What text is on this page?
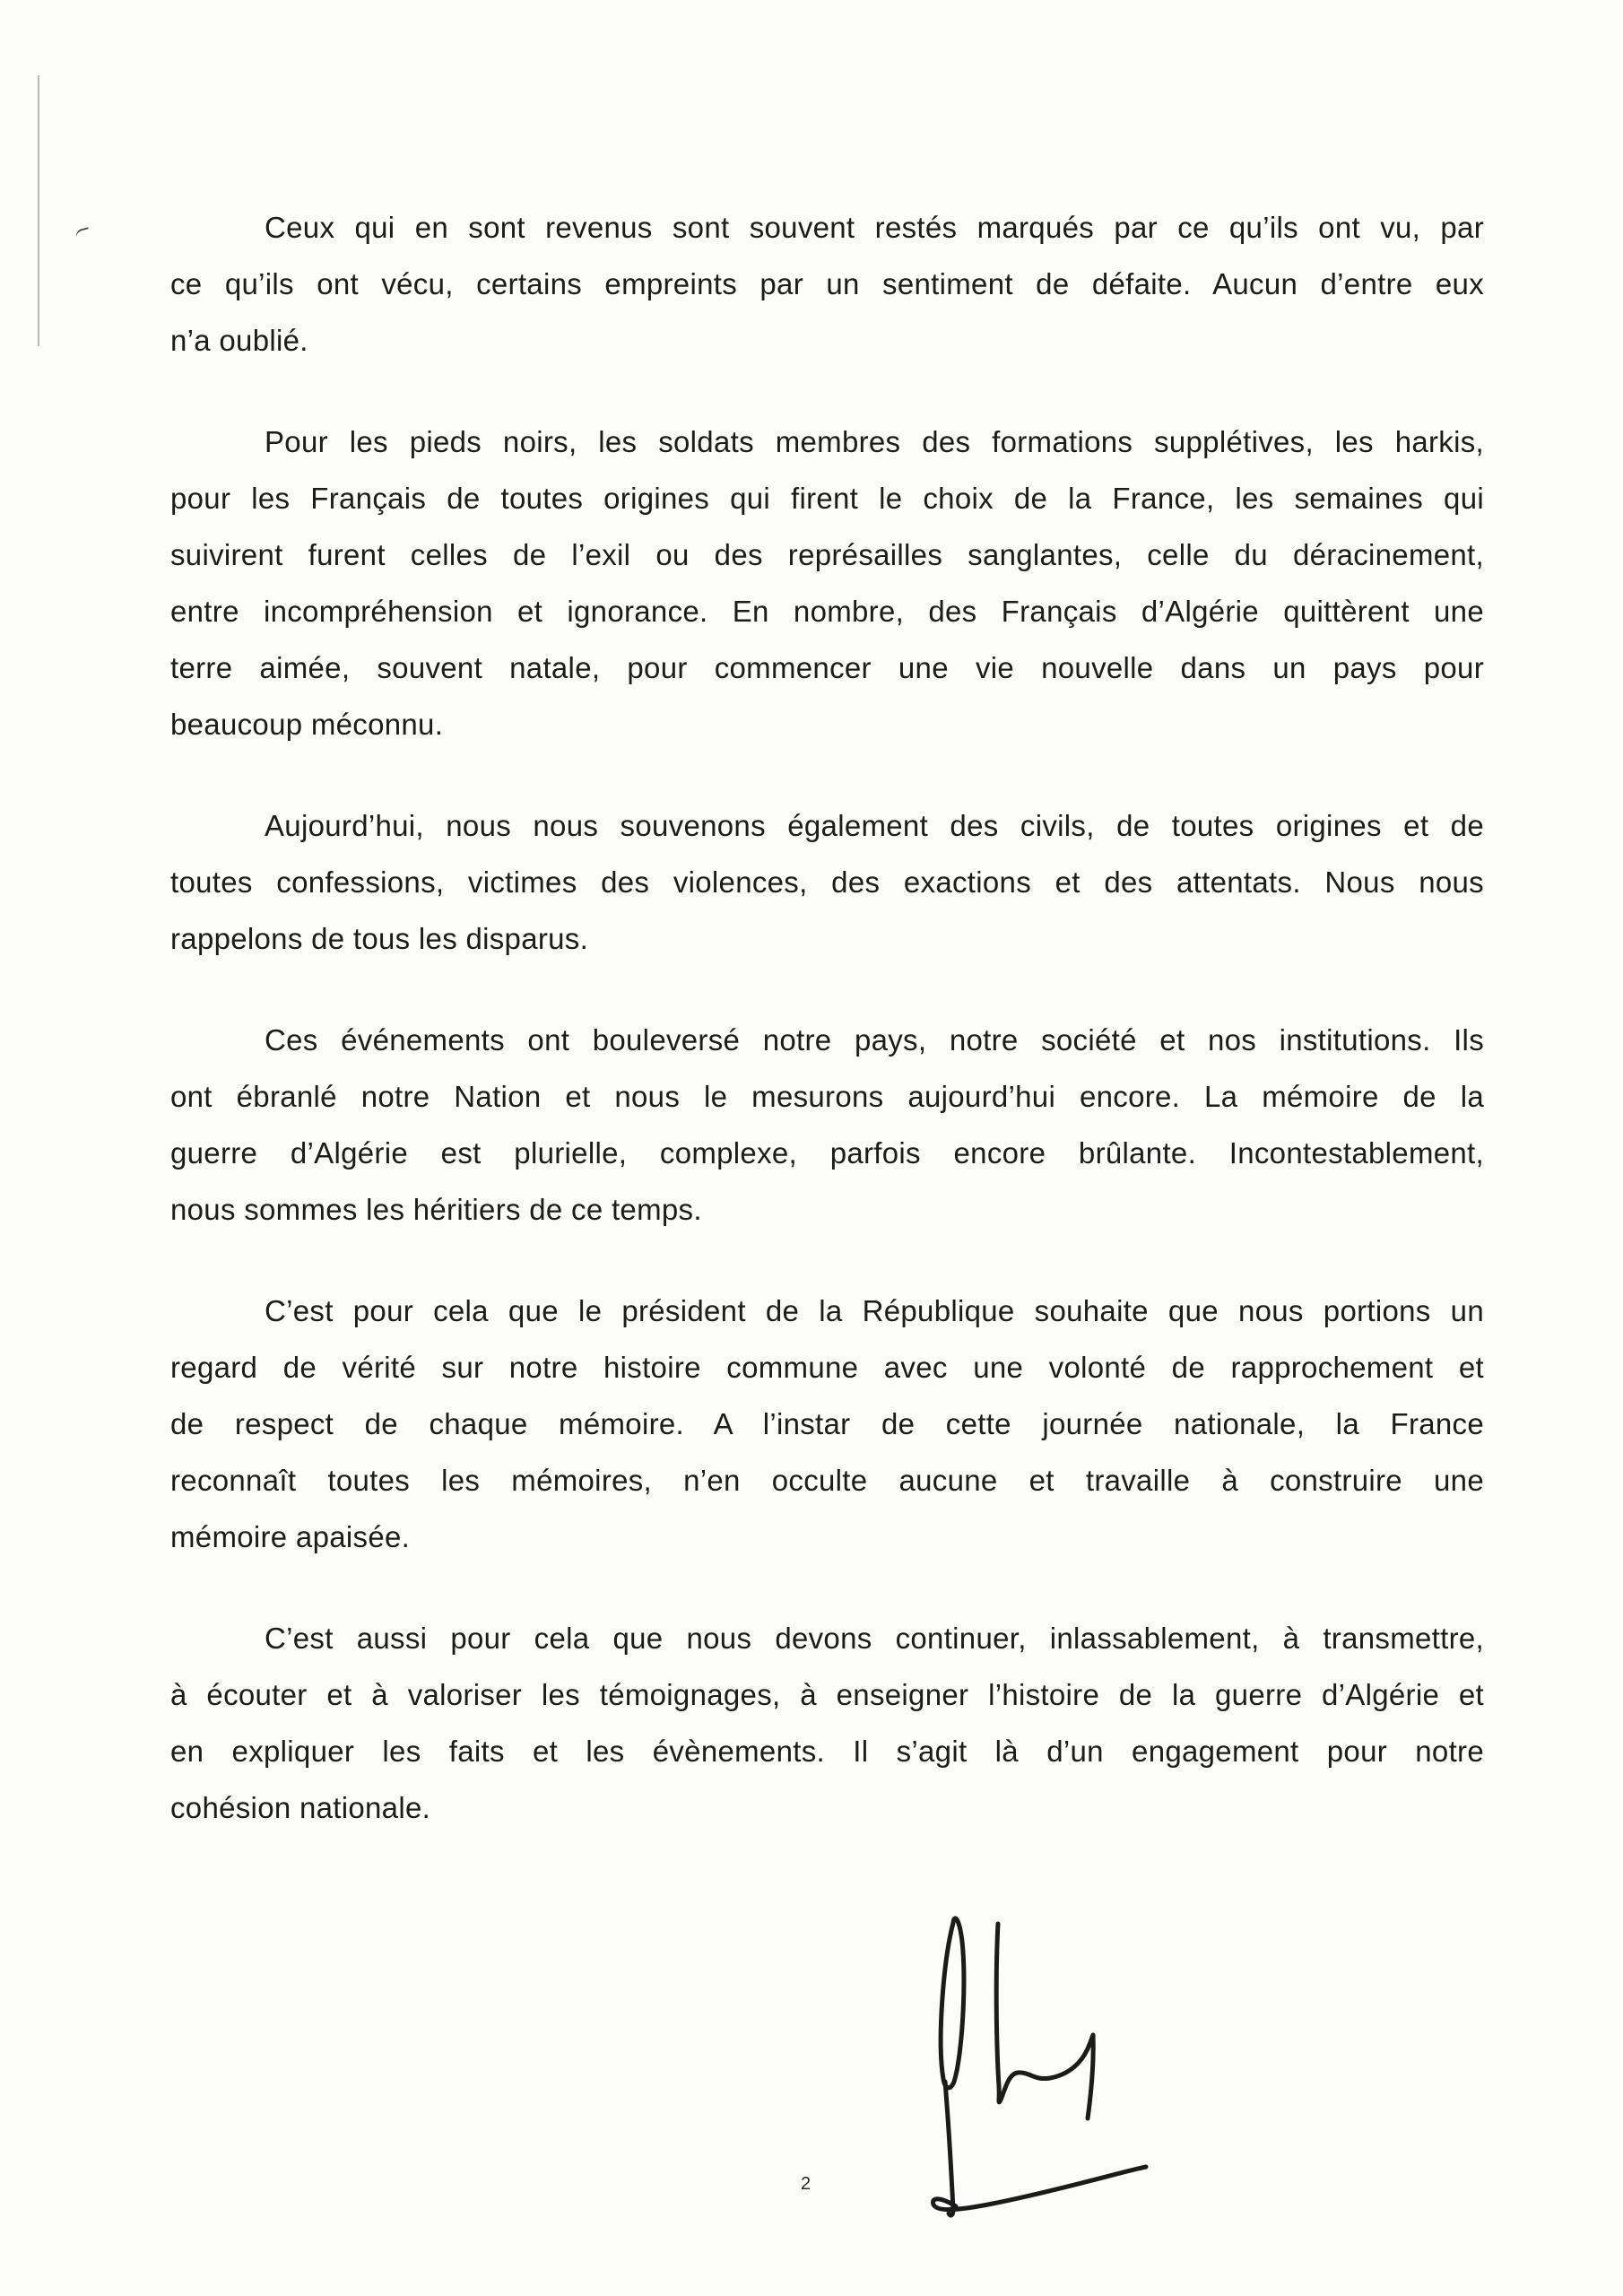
Ceux qui en sont revenus sont souvent restés marqués par ce qu’ils ont vu, par
ce qu’ils ont vécu, certains empreints par un sentiment de défaite. Aucun d’entre eux
n’a oublié.

Pour les pieds noirs, les soldats membres des formations supplétives, les harkis,
pour les Français de toutes origines qui firent le choix de la France, les semaines qui
suivirent furent celles de l’exil ou des représailles sanglantes, celle du déracinement,
entre incompréhension et ignorance. En nombre, des Français d’Algérie quittèrent une
terre aimée, souvent natale, pour commencer une vie nouvelle dans un pays pour
beaucoup méconnu.

Aujourd’hui, nous nous souvenons également des civils, de toutes origines et de
toutes confessions, victimes des violences, des exactions et des attentats. Nous nous
rappelons de tous les disparus.

Ces événements ont bouleversé notre pays, notre société et nos institutions. Ils
ont ébranlé notre Nation et nous le mesurons aujourd’hui encore. La mémoire de la
guerre d’Algérie est plurielle, complexe, parfois encore brûlante. Incontestablement,
nous sommes les héritiers de ce temps.

C’est pour cela que le président de la République souhaite que nous portions un
regard de vérité sur notre histoire commune avec une volonté de rapprochement et
de respect de chaque mémoire. A l’instar de cette journée nationale, la France
reconnaît toutes les mémoires, n’en occulte aucune et travaille à construire une
mémoire apaisée.

C’est aussi pour cela que nous devons continuer, inlassablement, à transmettre,
à écouter et à valoriser les témoignages, à enseigner l’histoire de la guerre d’Algérie et
en expliquer les faits et les évènements. Il s’agit là d’un engagement pour notre
cohésion nationale.

2
